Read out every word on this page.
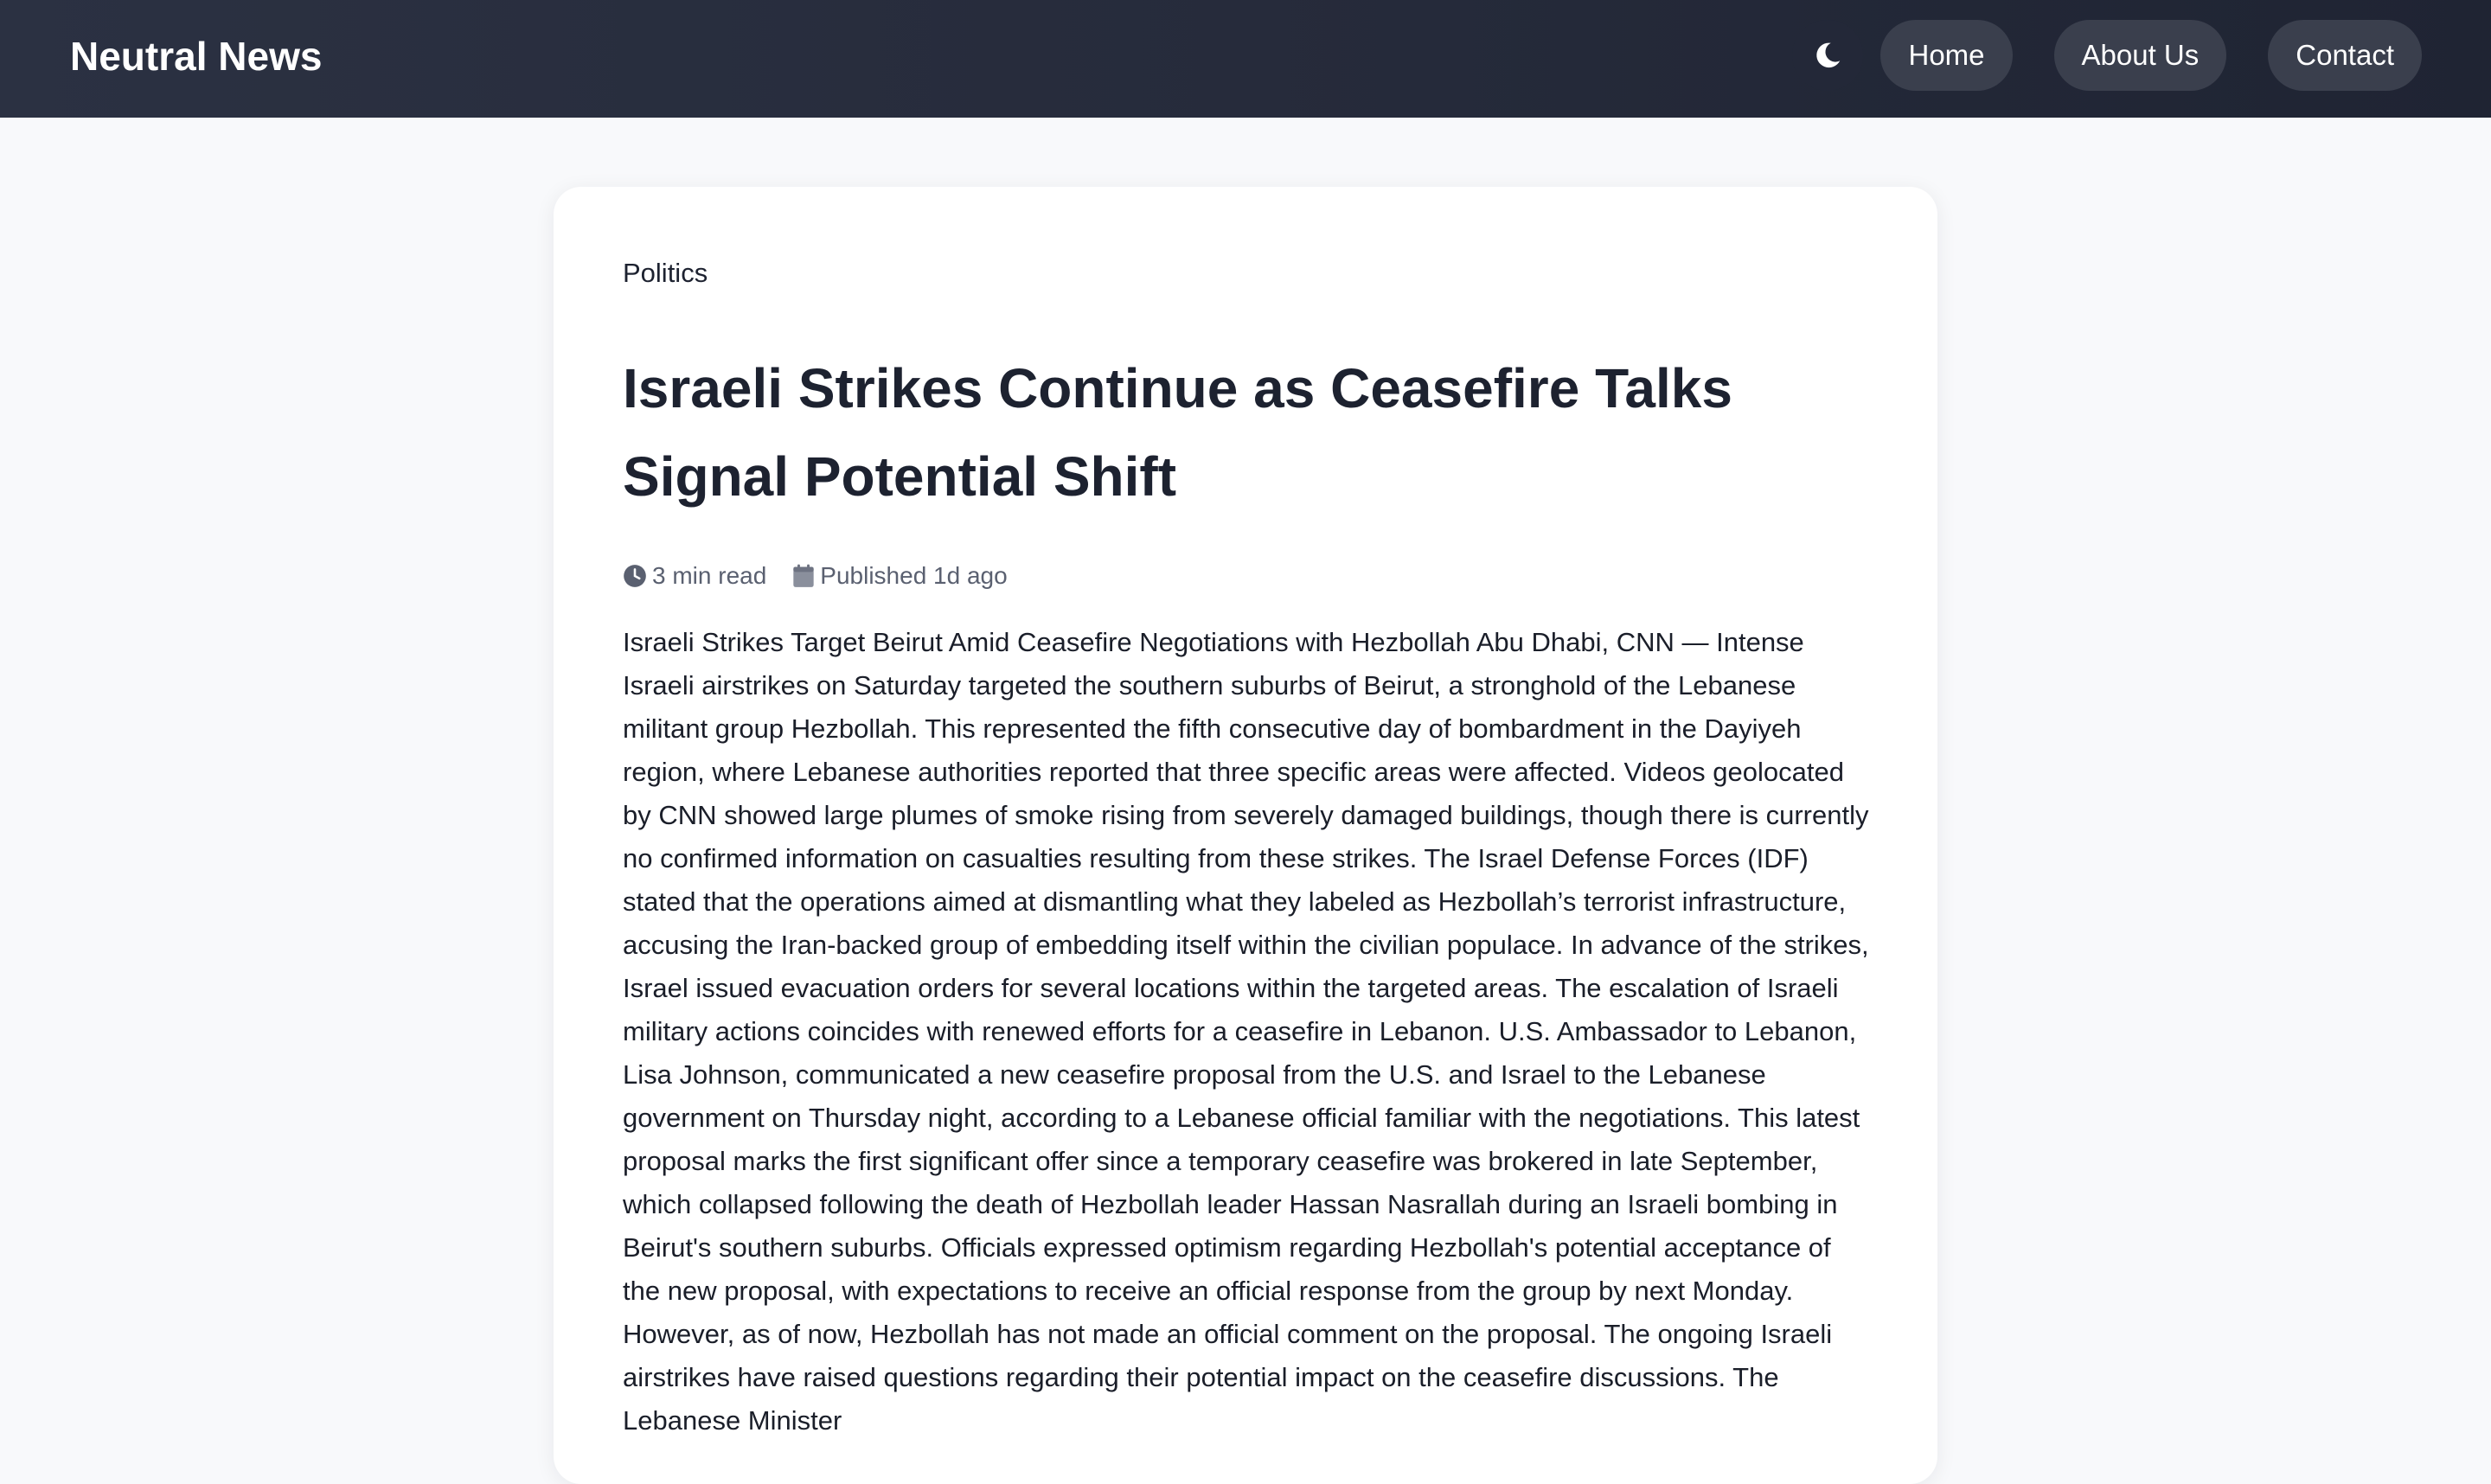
Neutral News	Home	About Us	Contact
Politics
Israeli Strikes Continue as Ceasefire Talks Signal Potential Shift
3 min read Published 1d ago

Israeli Strikes Target Beirut Amid Ceasefire Negotiations with Hezbollah Abu Dhabi, CNN — Intense Israeli airstrikes on Saturday targeted the southern suburbs of Beirut, a stronghold of the Lebanese militant group Hezbollah. This represented the fifth consecutive day of bombardment in the Dayiyeh region, where Lebanese authorities reported that three specific areas were affected. Videos geolocated by CNN showed large plumes of smoke rising from severely damaged buildings, though there is currently no confirmed information on casualties resulting from these strikes. The Israel Defense Forces (IDF) stated that the operations aimed at dismantling what they labeled as Hezbollah’s terrorist infrastructure, accusing the Iran-backed group of embedding itself within the civilian populace. In advance of the strikes, Israel issued evacuation orders for several locations within the targeted areas. The escalation of Israeli military actions coincides with renewed efforts for a ceasefire in Lebanon. U.S. Ambassador to Lebanon, Lisa Johnson, communicated a new ceasefire proposal from the U.S. and Israel to the Lebanese government on Thursday night, according to a Lebanese official familiar with the negotiations. This latest proposal marks the first significant offer since a temporary ceasefire was brokered in late September, which collapsed following the death of Hezbollah leader Hassan Nasrallah during an Israeli bombing in Beirut's southern suburbs. Officials expressed optimism regarding Hezbollah's potential acceptance of the new proposal, with expectations to receive an official response from the group by next Monday. However, as of now, Hezbollah has not made an official comment on the proposal. The ongoing Israeli airstrikes have raised questions regarding their potential impact on the ceasefire discussions. The Lebanese Minister
